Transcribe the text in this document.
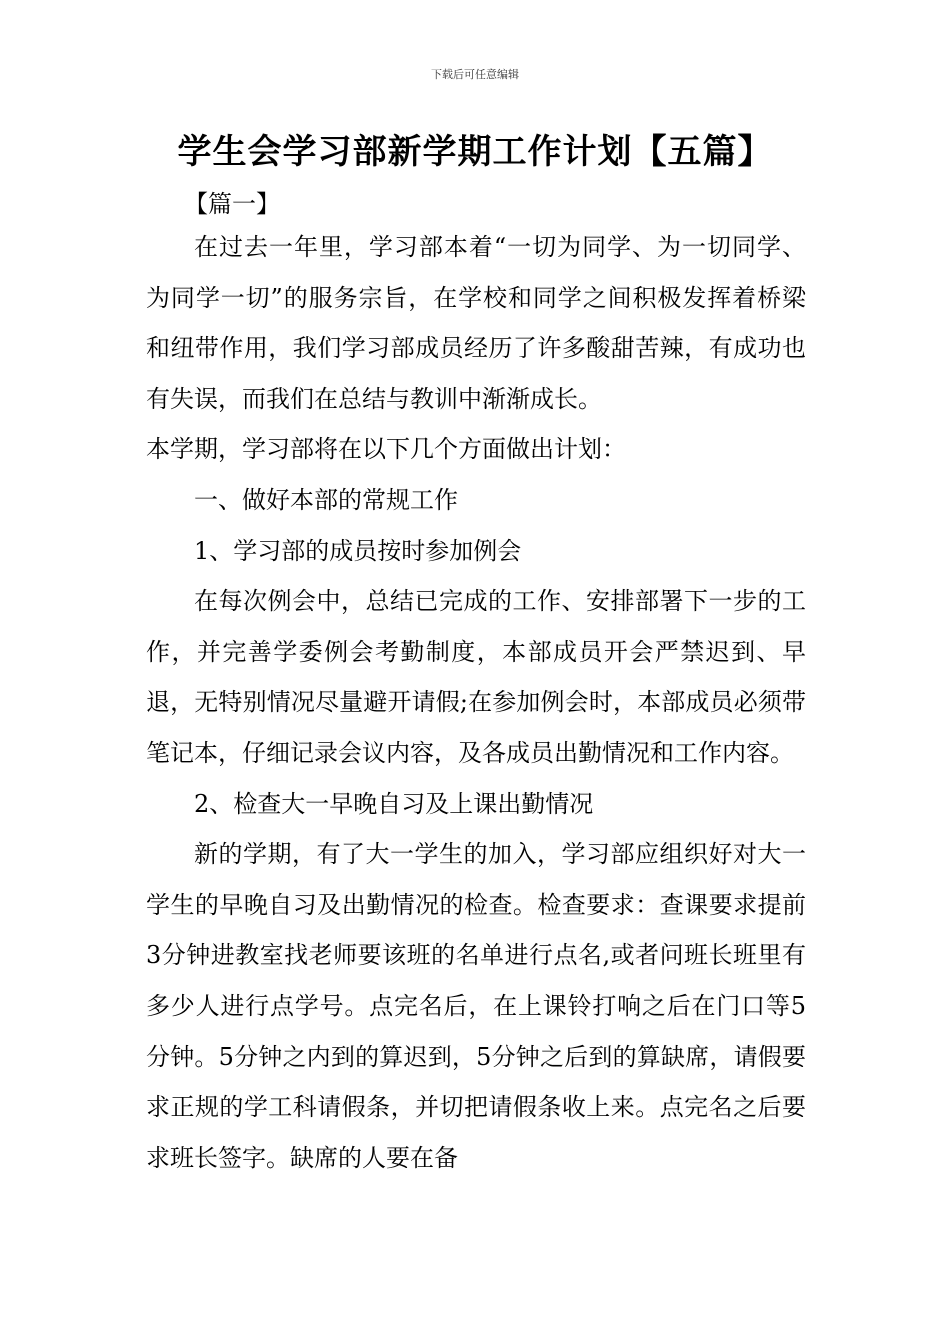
下载后可任意编辑
学生会学习部新学期工作计划【五篇】
【篇一】

在过去一年里，学习部本着“一切为同学、为一切同学、为同学一切”的服务宗旨，在学校和同学之间积极发挥着桥梁和纽带作用，我们学习部成员经历了许多酸甜苦辣，有成功也有失误，而我们在总结与教训中渐渐成长。

本学期，学习部将在以下几个方面做出计划：

一、做好本部的常规工作

1、学习部的成员按时参加例会

在每次例会中，总结已完成的工作、安排部署下一步的工作，并完善学委例会考勤制度，本部成员开会严禁迟到、早退，无特别情况尽量避开请假;在参加例会时，本部成员必须带笔记本，仔细记录会议内容，及各成员出勤情况和工作内容。

2、检查大一早晚自习及上课出勤情况

新的学期，有了大一学生的加入，学习部应组织好对大一学生的早晚自习及出勤情况的检查。检查要求：查课要求提前3分钟进教室找老师要该班的名单进行点名,或者问班长班里有多少人进行点学号。点完名后，在上课铃打响之后在门口等5分钟。5分钟之内到的算迟到，5分钟之后到的算缺席，请假要求正规的学工科请假条，并切把请假条收上来。点完名之后要求班长签字。缺席的人要在备
